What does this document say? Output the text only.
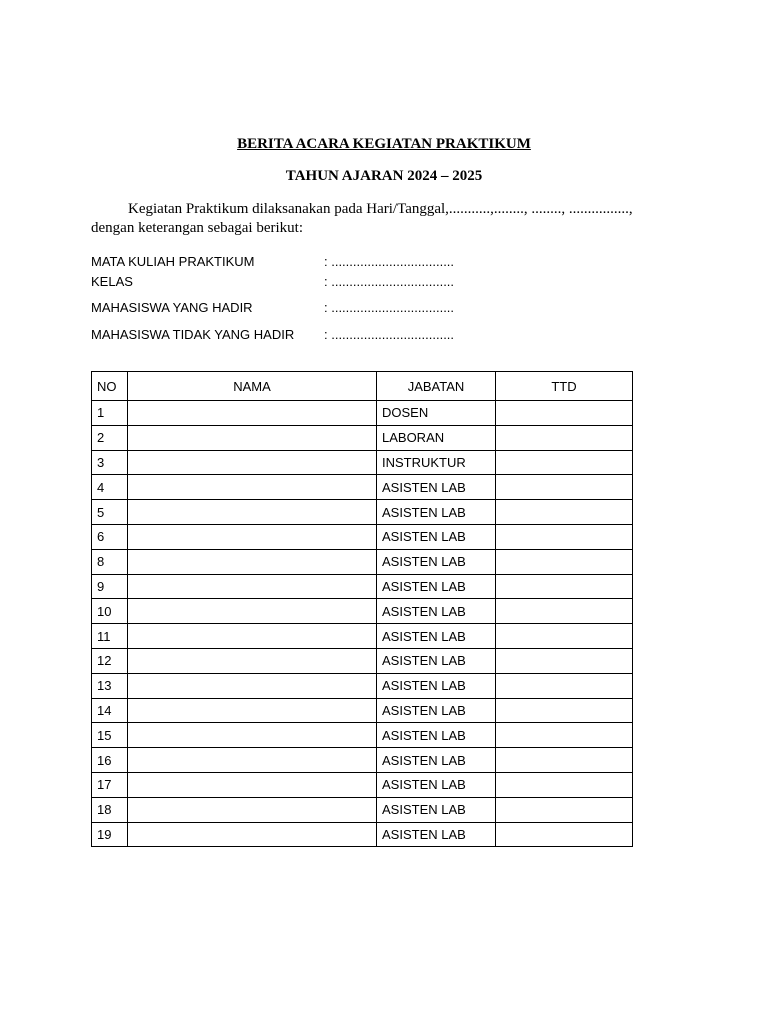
BERITA ACARA KEGIATAN PRAKTIKUM
TAHUN AJARAN 2024 – 2025
Kegiatan Praktikum dilaksanakan pada Hari/Tanggal,...........,........, ........, ................,
dengan keterangan sebagai berikut:
MATA KULIAH PRAKTIKUM	: ..................................
KELAS	: ..................................
MAHASISWA YANG HADIR	: ..................................
MAHASISWA TIDAK YANG HADIR : ..................................
NO	NAMA	JABATAN	TTD
1		DOSEN	
2		LABORAN	
3		INSTRUKTUR	
4		ASISTEN LAB	
5		ASISTEN LAB	
6		ASISTEN LAB	
8		ASISTEN LAB	
9		ASISTEN LAB	
10		ASISTEN LAB	
11		ASISTEN LAB	
12		ASISTEN LAB	
13		ASISTEN LAB	
14		ASISTEN LAB	
15		ASISTEN LAB	
16		ASISTEN LAB	
17		ASISTEN LAB	
18		ASISTEN LAB	
19		ASISTEN LAB	
